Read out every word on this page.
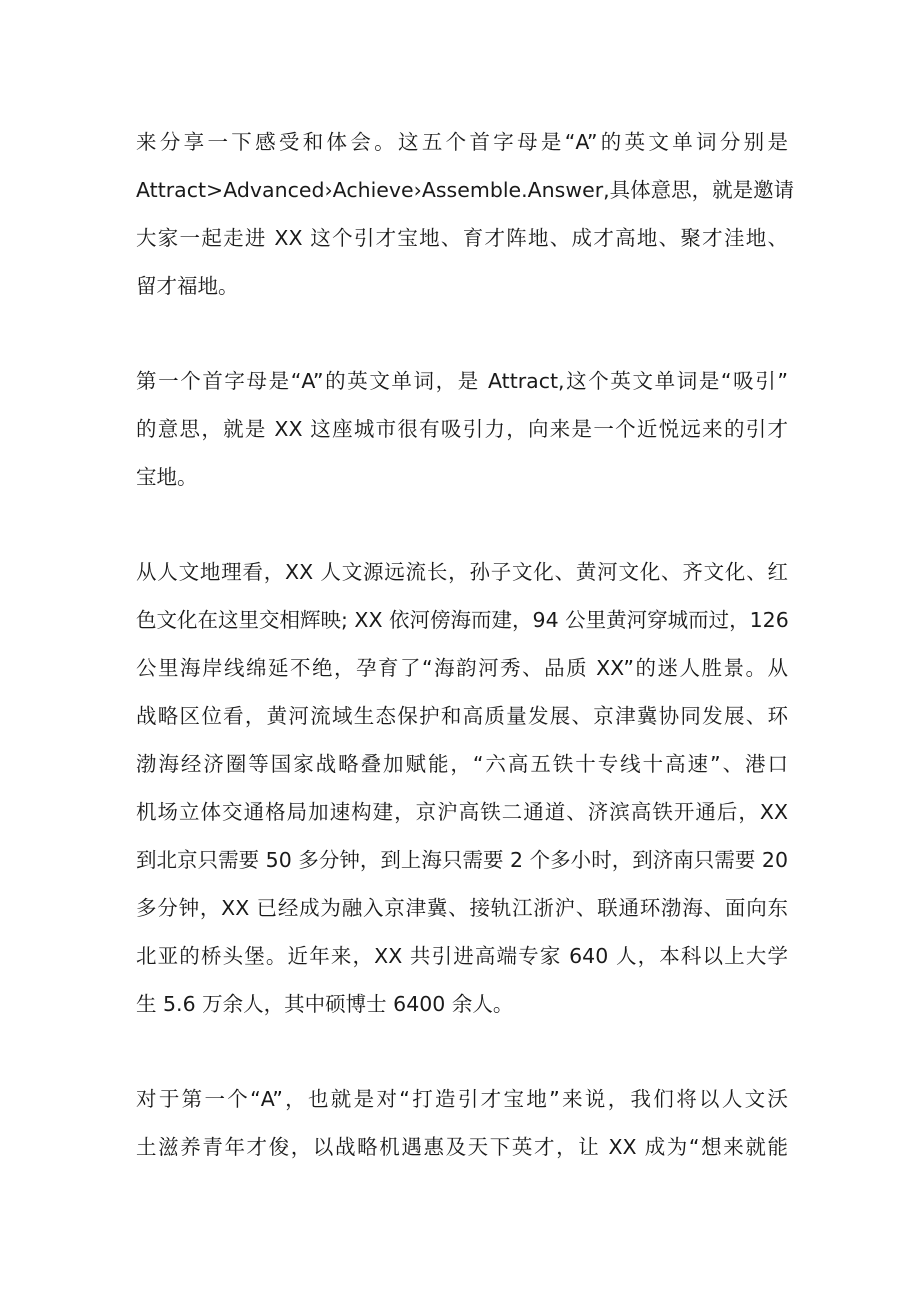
来分享一下感受和体会。这五个首字母是“A”的英文单词分别是
Attract>Advanced›Achieve›Assemble.Answer,具体意思，就是邀请
大家一起走进 XX 这个引才宝地、育才阵地、成才高地、聚才洼地、
留才福地。
第一个首字母是“A”的英文单词，是 Attract,这个英文单词是“吸引”
的意思，就是 XX 这座城市很有吸引力，向来是一个近悦远来的引才
宝地。
从人文地理看，XX 人文源远流长，孙子文化、黄河文化、齐文化、红
色文化在这里交相辉映; XX 依河傍海而建，94 公里黄河穿城而过，126
公里海岸线绵延不绝，孕育了“海韵河秀、品质 XX”的迷人胜景。从
战略区位看，黄河流域生态保护和高质量发展、京津冀协同发展、环
渤海经济圈等国家战略叠加赋能，“六高五铁十专线十高速”、港口
机场立体交通格局加速构建，京沪高铁二通道、济滨高铁开通后，XX
到北京只需要 50 多分钟，到上海只需要 2 个多小时，到济南只需要 20
多分钟，XX 已经成为融入京津冀、接轨江浙沪、联通环渤海、面向东
北亚的桥头堡。近年来，XX 共引进高端专家 640 人，本科以上大学
生 5.6 万余人，其中硕博士 6400 余人。
对于第一个“A”，也就是对“打造引才宝地”来说，我们将以人文沃
土滋养青年才俊，以战略机遇惠及天下英才，让 XX 成为“想来就能
